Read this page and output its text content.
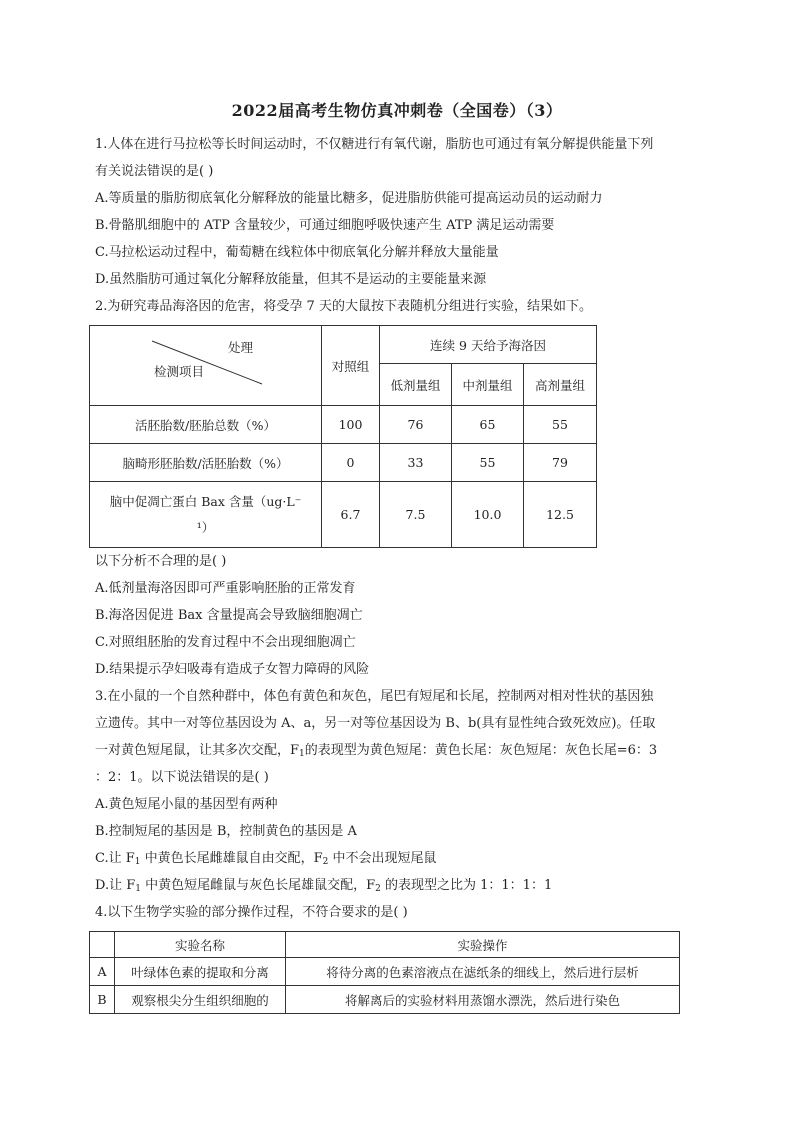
2022届高考生物仿真冲刺卷（全国卷）（3）
1.人体在进行马拉松等长时间运动时，不仅糖进行有氧代谢，脂肪也可通过有氧分解提供能量下列
有关说法错误的是( )
A.等质量的脂肪彻底氧化分解释放的能量比糖多，促进脂肪供能可提高运动员的运动耐力
B.骨骼肌细胞中的 ATP 含量较少，可通过细胞呼吸快速产生 ATP 满足运动需要
C.马拉松运动过程中，葡萄糖在线粒体中彻底氧化分解并释放大量能量
D.虽然脂肪可通过氧化分解释放能量，但其不是运动的主要能量来源
2.为研究毒品海洛因的危害，将受孕 7 天的大鼠按下表随机分组进行实验，结果如下。
处理
检测项目	对照组	连续 9 天给予海洛因		
		低剂量组	中剂量组	高剂量组
活胚胎数/胚胎总数（%）	100	76	65	55
脑畸形胚胎数/活胚胎数（%）	0	33	55	79

脑中促凋亡蛋白 Bax 含量（ug·L⁻
¹）	6.7	7.5	10.0	12.5
以下分析不合理的是( )
A.低剂量海洛因即可严重影响胚胎的正常发育
B.海洛因促进 Bax 含量提高会导致脑细胞凋亡
C.对照组胚胎的发育过程中不会出现细胞凋亡
D.结果提示孕妇吸毒有造成子女智力障碍的风险
3.在小鼠的一个自然种群中，体色有黄色和灰色，尾巴有短尾和长尾，控制两对相对性状的基因独
立遗传。其中一对等位基因设为 A、a，另一对等位基因设为 B、b(具有显性纯合致死效应)。任取
一对黄色短尾鼠，让其多次交配，$F_1$的表现型为黄色短尾：黄色长尾：灰色短尾：灰色长尾=6：3
：2：1。以下说法错误的是( )
A.黄色短尾小鼠的基因型有两种
B.控制短尾的基因是 B，控制黄色的基因是 A
C.让 $F_1$ 中黄色长尾雌雄鼠自由交配，$F_2$ 中不会出现短尾鼠
D.让 $F_1$ 中黄色短尾雌鼠与灰色长尾雄鼠交配，$F_2$ 的表现型之比为 1：1：1：1
4.以下生物学实验的部分操作过程，不符合要求的是( )
	实验名称	实验操作
A	叶绿体色素的提取和分离	将待分离的色素溶液点在滤纸条的细线上，然后进行层析
B	观察根尖分生组织细胞的	将解离后的实验材料用蒸馏水漂洗，然后进行染色
